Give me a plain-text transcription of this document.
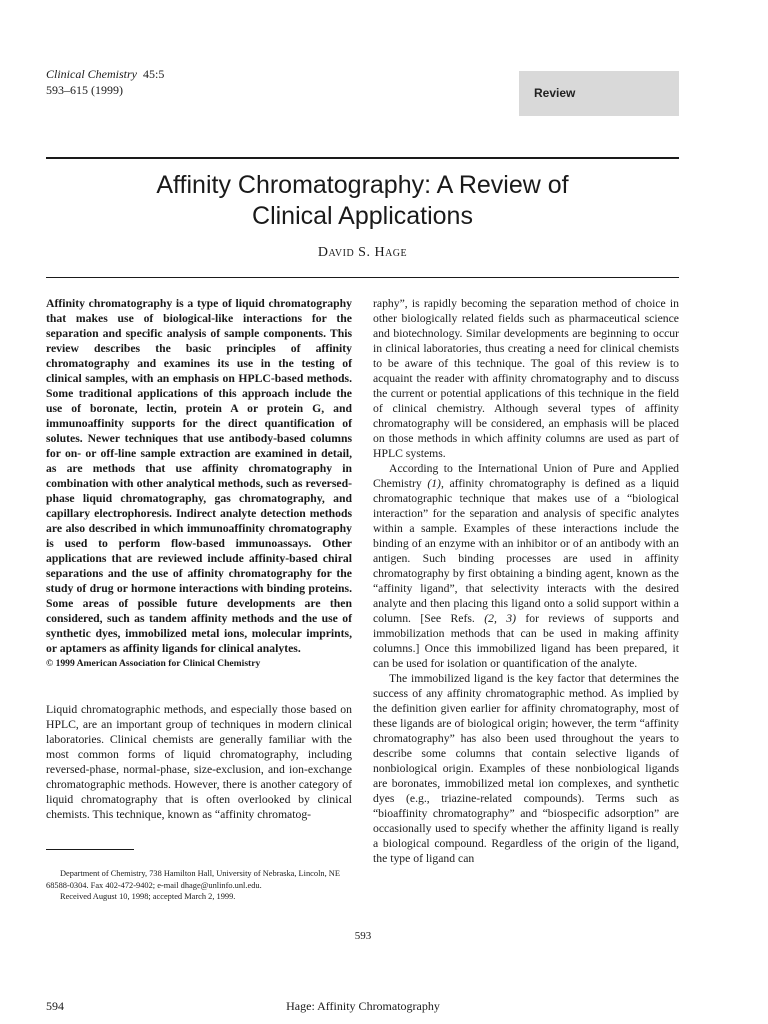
Clinical Chemistry 45:5
593–615 (1999)	Review
Affinity Chromatography: A Review of
Clinical Applications
David S. Hage

Affinity chromatography is a type of liquid chromatography that makes use of biological-like interactions for the separation and specific analysis of sample components. This review describes the basic principles of affinity chromatography and examines its use in the testing of clinical samples, with an emphasis on HPLC-based methods. Some traditional applications of this approach include the use of boronate, lectin, protein A or protein G, and immunoaffinity supports for the direct quantification of solutes. Newer techniques that use antibody-based columns for on- or off-line sample extraction are examined in detail, as are methods that use affinity chromatography in combination with other analytical methods, such as reversed-phase liquid chromatography, gas chromatography, and capillary electrophoresis. Indirect analyte detection methods are also described in which immunoaffinity chromatography is used to perform flow-based immunoassays. Other applications that are reviewed include affinity-based chiral separations and the use of affinity chromatography for the study of drug or hormone interactions with binding proteins. Some areas of possible future developments are then considered, such as tandem affinity methods and the use of synthetic dyes, immobilized metal ions, molecular imprints, or aptamers as affinity ligands for clinical analytes.

© 1999 American Association for Clinical Chemistry

Liquid chromatographic methods, and especially those based on HPLC, are an important group of techniques in modern clinical laboratories. Clinical chemists are generally familiar with the most common forms of liquid chromatography, including reversed-phase, normal-phase, size-exclusion, and ion-exchange chromatographic methods. However, there is another category of liquid chromatography that is often overlooked by clinical chemists. This technique, known as “affinity chromatog-

raphy”, is rapidly becoming the separation method of choice in other biologically related fields such as pharmaceutical science and biotechnology. Similar developments are beginning to occur in clinical laboratories, thus creating a need for clinical chemists to be aware of this technique. The goal of this review is to acquaint the reader with affinity chromatography and to discuss the current or potential applications of this technique in the field of clinical chemistry. Although several types of affinity chromatography will be considered, an emphasis will be placed on those methods in which affinity columns are used as part of HPLC systems.

According to the International Union of Pure and Applied Chemistry (1), affinity chromatography is defined as a liquid chromatographic technique that makes use of a “biological interaction” for the separation and analysis of specific analytes within a sample. Examples of these interactions include the binding of an enzyme with an inhibitor or of an antibody with an antigen. Such binding processes are used in affinity chromatography by first obtaining a binding agent, known as the “affinity ligand”, that selectivity interacts with the desired analyte and then placing this ligand onto a solid support within a column. [See Refs. (2, 3) for reviews of supports and immobilization methods that can be used in making affinity columns.] Once this immobilized ligand has been prepared, it can be used for isolation or quantification of the analyte.

The immobilized ligand is the key factor that determines the success of any affinity chromatographic method. As implied by the definition given earlier for affinity chromatography, most of these ligands are of biological origin; however, the term “affinity chromatography” has also been used throughout the years to describe some columns that contain selective ligands of nonbiological origin. Examples of these nonbiological ligands are boronates, immobilized metal ion complexes, and synthetic dyes (e.g., triazine-related compounds). Terms such as “bioaffinity chromatography” and “biospecific adsorption” are occasionally used to specify whether the affinity ligand is really a biological compound. Regardless of the origin of the ligand, the type of ligand can

Department of Chemistry, 738 Hamilton Hall, University of Nebraska, Lincoln, NE 68588-0304. Fax 402-472-9402; e-mail dhage@unlinfo.unl.edu.

Received August 10, 1998; accepted March 2, 1999.

593
594	Hage: Affinity Chromatography
